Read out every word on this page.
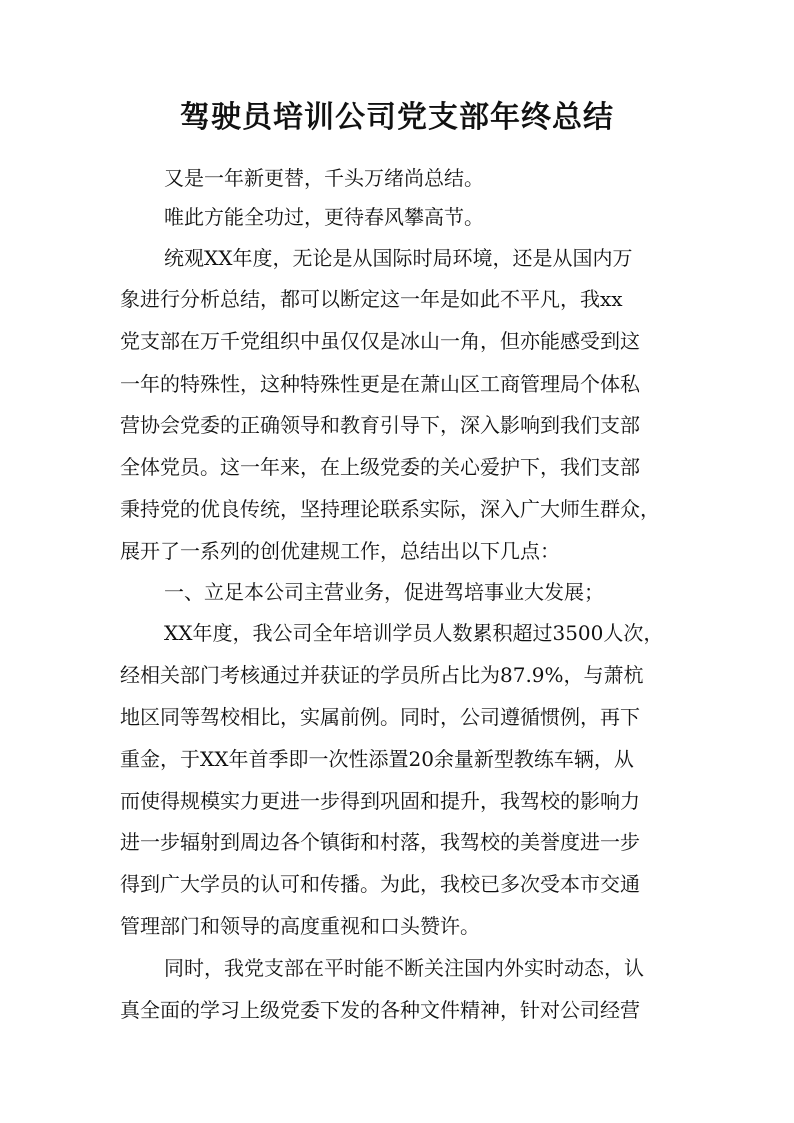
驾驶员培训公司党支部年终总结
又是一年新更替，千头万绪尚总结。
唯此方能全功过，更待春风攀高节。
统观XX年度，无论是从国际时局环境，还是从国内万
象进行分析总结，都可以断定这一年是如此不平凡，我xx
党支部在万千党组织中虽仅仅是冰山一角，但亦能感受到这
一年的特殊性，这种特殊性更是在萧山区工商管理局个体私
营协会党委的正确领导和教育引导下，深入影响到我们支部
全体党员。这一年来，在上级党委的关心爱护下，我们支部
秉持党的优良传统，坚持理论联系实际，深入广大师生群众，
展开了一系列的创优建规工作，总结出以下几点：
一、立足本公司主营业务，促进驾培事业大发展；
XX年度，我公司全年培训学员人数累积超过3500人次，
经相关部门考核通过并获证的学员所占比为87.9%，与萧杭
地区同等驾校相比，实属前例。同时，公司遵循惯例，再下
重金，于XX年首季即一次性添置20余量新型教练车辆，从
而使得规模实力更进一步得到巩固和提升，我驾校的影响力
进一步辐射到周边各个镇街和村落，我驾校的美誉度进一步
得到广大学员的认可和传播。为此，我校已多次受本市交通
管理部门和领导的高度重视和口头赞许。
同时，我党支部在平时能不断关注国内外实时动态，认
真全面的学习上级党委下发的各种文件精神，针对公司经营
